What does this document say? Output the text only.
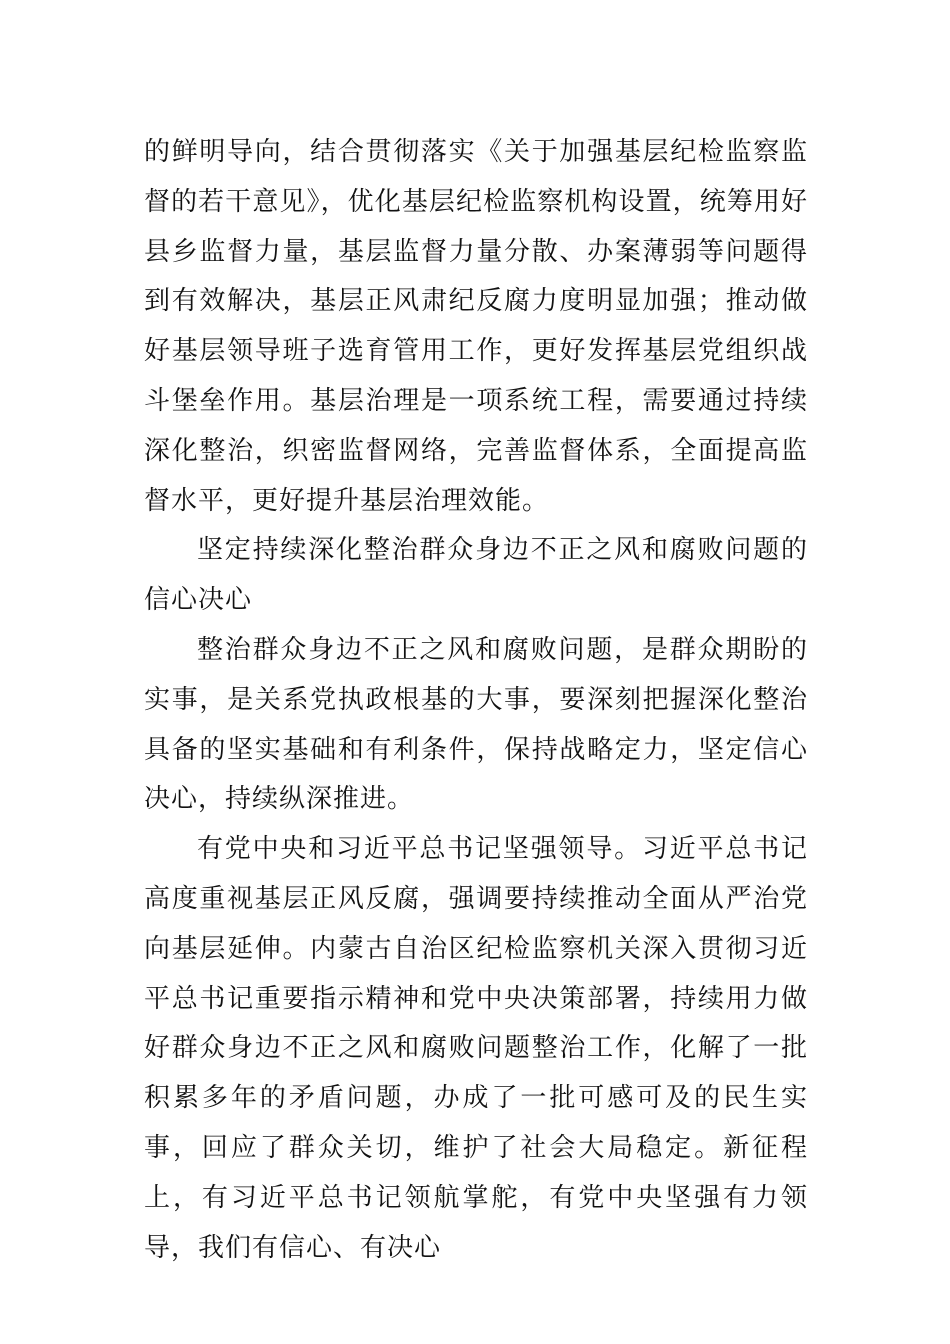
的鲜明导向，结合贯彻落实《关于加强基层纪检监察监督的若干意见》，优化基层纪检监察机构设置，统筹用好县乡监督力量，基层监督力量分散、办案薄弱等问题得到有效解决，基层正风肃纪反腐力度明显加强；推动做好基层领导班子选育管用工作，更好发挥基层党组织战斗堡垒作用。基层治理是一项系统工程，需要通过持续深化整治，织密监督网络，完善监督体系，全面提高监督水平，更好提升基层治理效能。

坚定持续深化整治群众身边不正之风和腐败问题的信心决心

整治群众身边不正之风和腐败问题，是群众期盼的实事，是关系党执政根基的大事，要深刻把握深化整治具备的坚实基础和有利条件，保持战略定力，坚定信心决心，持续纵深推进。

有党中央和习近平总书记坚强领导。习近平总书记高度重视基层正风反腐，强调要持续推动全面从严治党向基层延伸。内蒙古自治区纪检监察机关深入贯彻习近平总书记重要指示精神和党中央决策部署，持续用力做好群众身边不正之风和腐败问题整治工作，化解了一批积累多年的矛盾问题，办成了一批可感可及的民生实事，回应了群众关切，维护了社会大局稳定。新征程上，有习近平总书记领航掌舵，有党中央坚强有力领导，我们有信心、有决心
